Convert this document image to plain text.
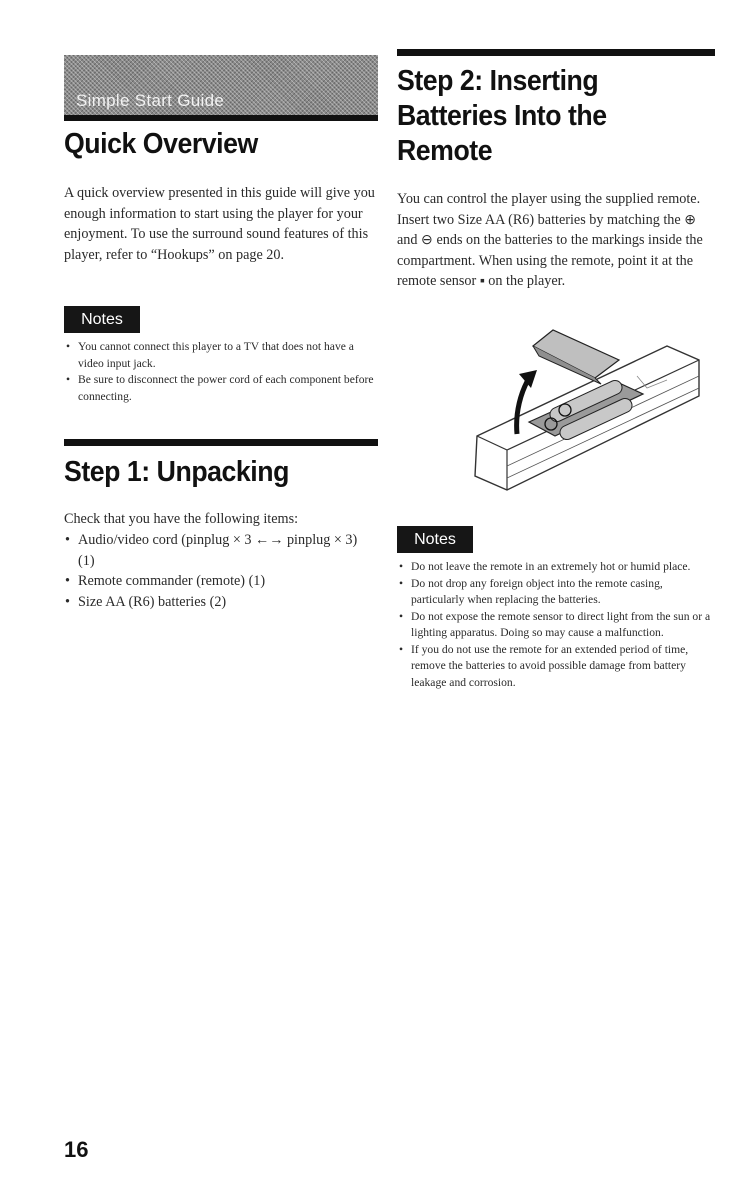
Simple Start Guide
Quick Overview

A quick overview presented in this guide will give you enough information to start using the player for your enjoyment. To use the surround sound features of this player, refer to “Hookups” on page 20.

Notes
• You cannot connect this player to a TV that does not have a video input jack.
• Be sure to disconnect the power cord of each component before connecting.
Step 1: Unpacking

Check that you have the following items:

• Audio/video cord (pinplug × 3 ←→ pinplug × 3) (1)
• Remote commander (remote) (1)
• Size AA (R6) batteries (2)
Step 2: Inserting
Batteries Into the
Remote

You can control the player using the supplied remote. Insert two Size AA (R6) batteries by matching the ⊕ and ⊖ ends on the batteries to the markings inside the compartment. When using the remote, point it at the remote sensor ▪ on the player.

Notes
• Do not leave the remote in an extremely hot or humid place.
• Do not drop any foreign object into the remote casing, particularly when replacing the batteries.
• Do not expose the remote sensor to direct light from the sun or a lighting apparatus. Doing so may cause a malfunction.
• If you do not use the remote for an extended period of time, remove the batteries to avoid possible damage from battery leakage and corrosion.
16
